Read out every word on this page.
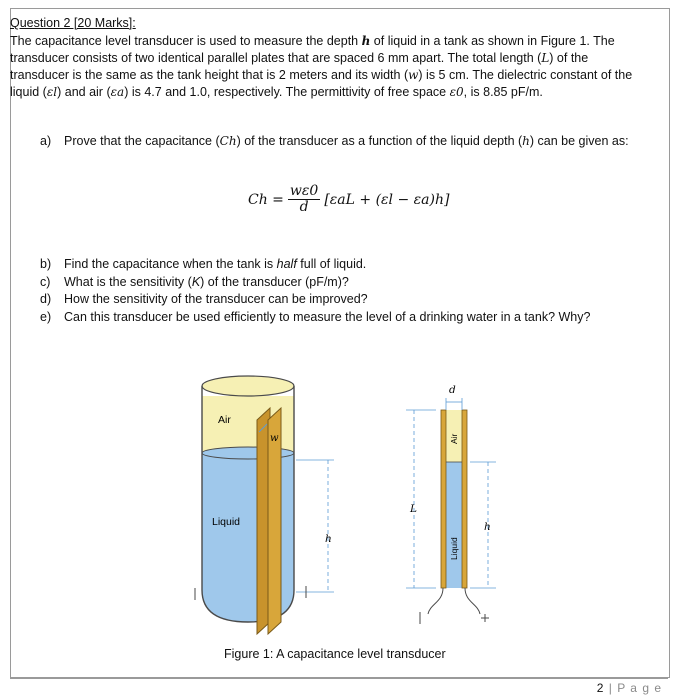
Question 2 [20 Marks]:
The capacitance level transducer is used to measure the depth h of liquid in a tank as shown in Figure 1. The transducer consists of two identical parallel plates that are spaced 6 mm apart. The total length (L) of the transducer is the same as the tank height that is 2 meters and its width (w) is 5 cm. The dielectric constant of the liquid (εl) and air (εa) is 4.7 and 1.0, respectively. The permittivity of free space ε0, is 8.85 pF/m.
a)	Prove that the capacitance (Ch) of the transducer as a function of the liquid depth (h) can be given as:
$Ch = \frac{w\varepsilon 0}{d} [\varepsilon aL + (\varepsilon l - \varepsilon a)h]$
b)	Find the capacitance when the tank is half full of liquid.
c)	What is the sensitivity (K) of the transducer (pF/m)?
d)	How the sensitivity of the transducer can be improved?
e)	Can this transducer be used efficiently to measure the level of a drinking water in a tank? Why?
w
Air
Liquid
h
d
Air
Liquid
L
h
Figure 1: A capacitance level transducer
2 | P a g e
